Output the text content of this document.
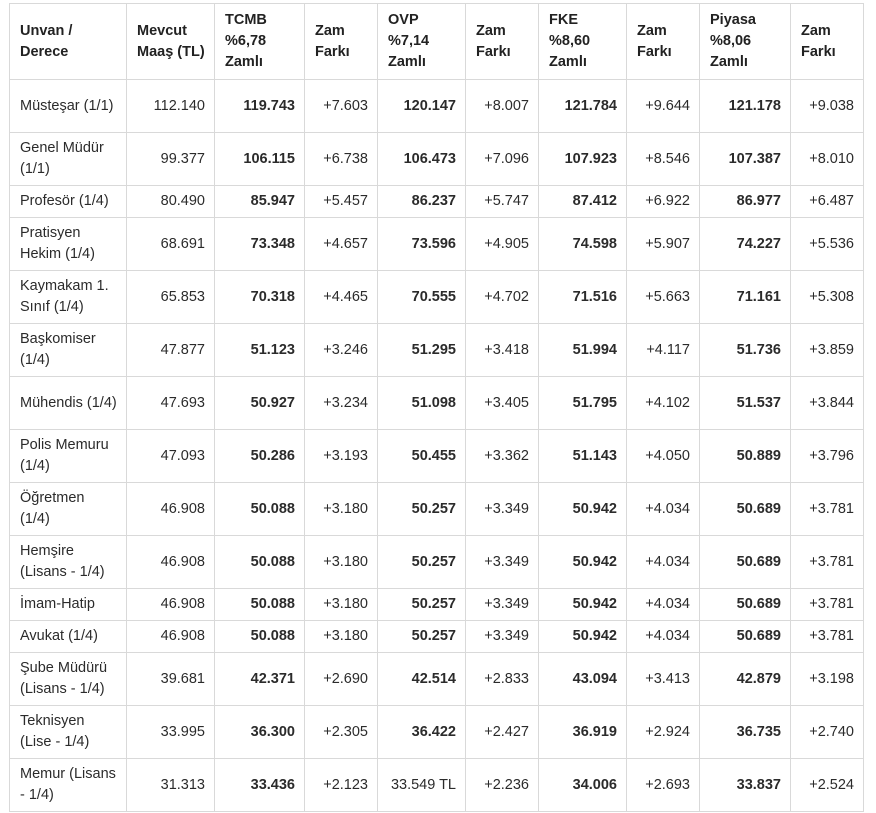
Unvan / Derece	Mevcut Maaş (TL)	TCMB %6,78 Zamlı	Zam Farkı	OVP %7,14 Zamlı	Zam Farkı	FKE %8,60 Zamlı	Zam Farkı	Piyasa %8,06 Zamlı	Zam Farkı
Müsteşar (1/1)	112.140	119.743	+7.603	120.147	+8.007	121.784	+9.644	121.178	+9.038
Genel Müdür (1/1)	99.377	106.115	+6.738	106.473	+7.096	107.923	+8.546	107.387	+8.010
Profesör (1/4)	80.490	85.947	+5.457	86.237	+5.747	87.412	+6.922	86.977	+6.487
Pratisyen Hekim (1/4)	68.691	73.348	+4.657	73.596	+4.905	74.598	+5.907	74.227	+5.536
Kaymakam 1. Sınıf (1/4)	65.853	70.318	+4.465	70.555	+4.702	71.516	+5.663	71.161	+5.308
Başkomiser (1/4)	47.877	51.123	+3.246	51.295	+3.418	51.994	+4.117	51.736	+3.859
Mühendis (1/4)	47.693	50.927	+3.234	51.098	+3.405	51.795	+4.102	51.537	+3.844
Polis Memuru (1/4)	47.093	50.286	+3.193	50.455	+3.362	51.143	+4.050	50.889	+3.796
Öğretmen (1/4)	46.908	50.088	+3.180	50.257	+3.349	50.942	+4.034	50.689	+3.781
Hemşire (Lisans - 1/4)	46.908	50.088	+3.180	50.257	+3.349	50.942	+4.034	50.689	+3.781
İmam-Hatip	46.908	50.088	+3.180	50.257	+3.349	50.942	+4.034	50.689	+3.781
Avukat (1/4)	46.908	50.088	+3.180	50.257	+3.349	50.942	+4.034	50.689	+3.781
Şube Müdürü (Lisans - 1/4)	39.681	42.371	+2.690	42.514	+2.833	43.094	+3.413	42.879	+3.198
Teknisyen (Lise - 1/4)	33.995	36.300	+2.305	36.422	+2.427	36.919	+2.924	36.735	+2.740
Memur (Lisans - 1/4)	31.313	33.436	+2.123	33.549 TL	+2.236	34.006	+2.693	33.837	+2.524
